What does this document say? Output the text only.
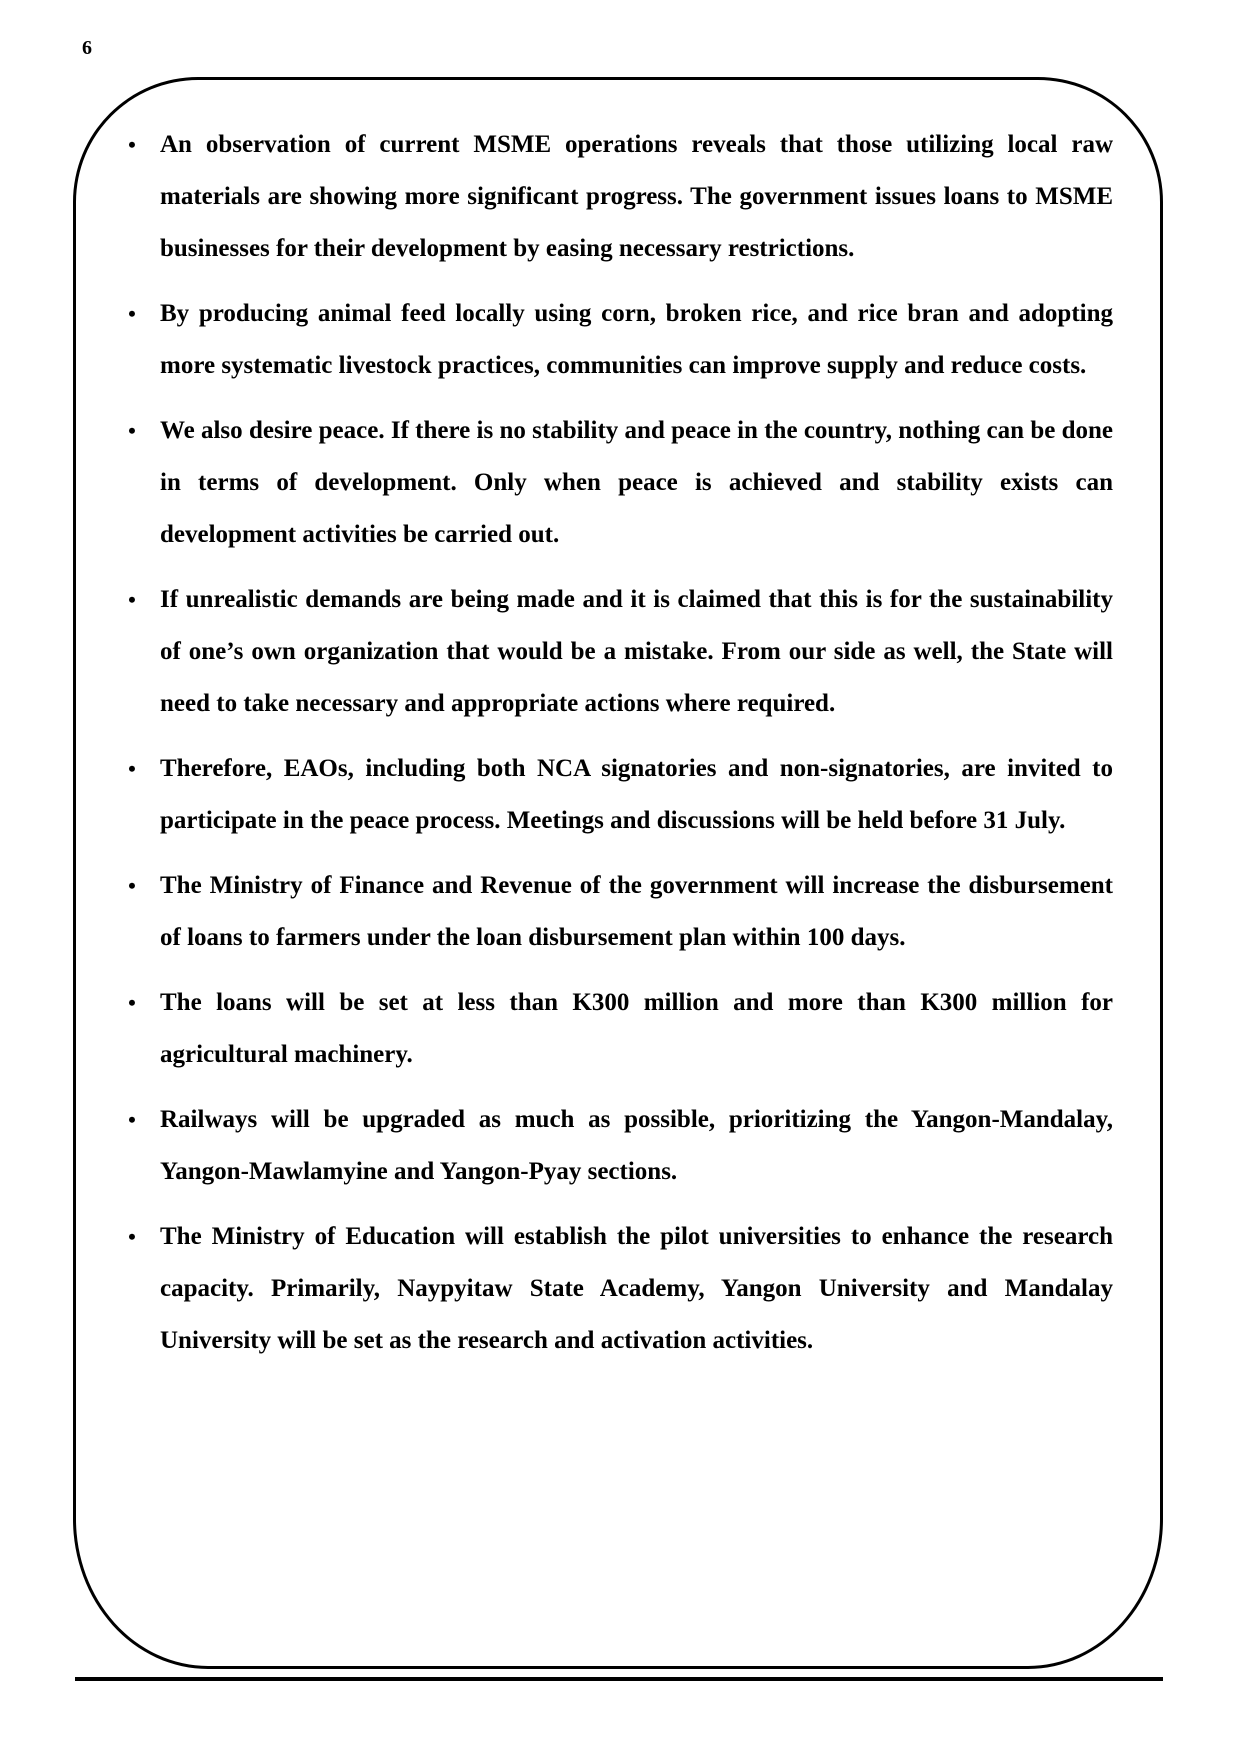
6
• An observation of current MSME operations reveals that those utilizing local raw materials are showing more significant progress. The government issues loans to MSME businesses for their development by easing necessary restrictions.
• By producing animal feed locally using corn, broken rice, and rice bran and adopting more systematic livestock practices, communities can improve supply and reduce costs.
• We also desire peace. If there is no stability and peace in the country, nothing can be done in terms of development. Only when peace is achieved and stability exists can development activities be carried out.
• If unrealistic demands are being made and it is claimed that this is for the sustainability of one’s own organization that would be a mistake. From our side as well, the State will need to take necessary and appropriate actions where required.
• Therefore, EAOs, including both NCA signatories and non-signatories, are invited to participate in the peace process. Meetings and discussions will be held before 31 July.
• The Ministry of Finance and Revenue of the government will increase the disbursement of loans to farmers under the loan disbursement plan within 100 days.
• The loans will be set at less than K300 million and more than K300 million for agricultural machinery.
• Railways will be upgraded as much as possible, prioritizing the Yangon-Mandalay, Yangon-Mawlamyine and Yangon-Pyay sections.
• The Ministry of Education will establish the pilot universities to enhance the research capacity. Primarily, Naypyitaw State Academy, Yangon University and Mandalay University will be set as the research and activation activities.
